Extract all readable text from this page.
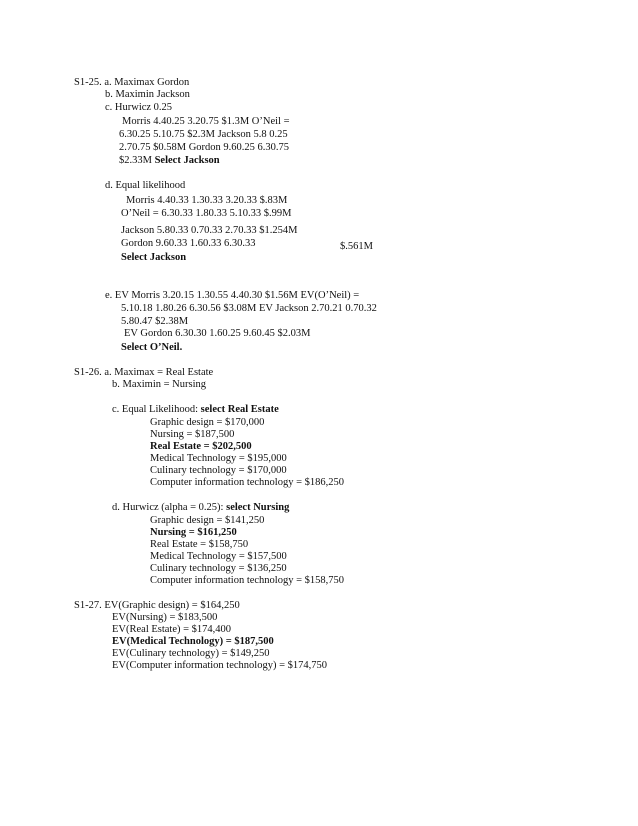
S1-25. a. Maximax Gordon
b. Maximin Jackson
c. Hurwicz 0.25
Morris 4.40.25 3.20.75 $1.3M O’Neil =
6.30.25 5.10.75 $2.3M Jackson 5.8 0.25
2.70.75 $0.58M Gordon 9.60.25 6.30.75
$2.33M Select Jackson
d. Equal likelihood
Morris 4.40.33 1.30.33 3.20.33 $.83M
O’Neil = 6.30.33 1.80.33 5.10.33 $.99M
Jackson 5.80.33 0.70.33 2.70.33 $1.254M
Gordon 9.60.33 1.60.33 6.30.33	$.561M
Select Jackson
e. EV Morris 3.20.15 1.30.55 4.40.30 $1.56M EV(O’Neil) =
5.10.18 1.80.26 6.30.56 $3.08M EV Jackson 2.70.21 0.70.32
5.80.47 $2.38M
EV Gordon 6.30.30 1.60.25 9.60.45 $2.03M
Select O’Neil.
S1-26. a. Maximax = Real Estate
b. Maximin = Nursing
c. Equal Likelihood: select Real Estate
Graphic design = $170,000
Nursing = $187,500
Real Estate = $202,500
Medical Technology = $195,000
Culinary technology = $170,000
Computer information technology = $186,250
d. Hurwicz (alpha = 0.25): select Nursing
Graphic design = $141,250
Nursing = $161,250
Real Estate = $158,750
Medical Technology = $157,500
Culinary technology = $136,250
Computer information technology = $158,750
S1-27. EV(Graphic design) = $164,250
EV(Nursing) = $183,500
EV(Real Estate) = $174,400
EV(Medical Technology) = $187,500
EV(Culinary technology) = $149,250
EV(Computer information technology) = $174,750
